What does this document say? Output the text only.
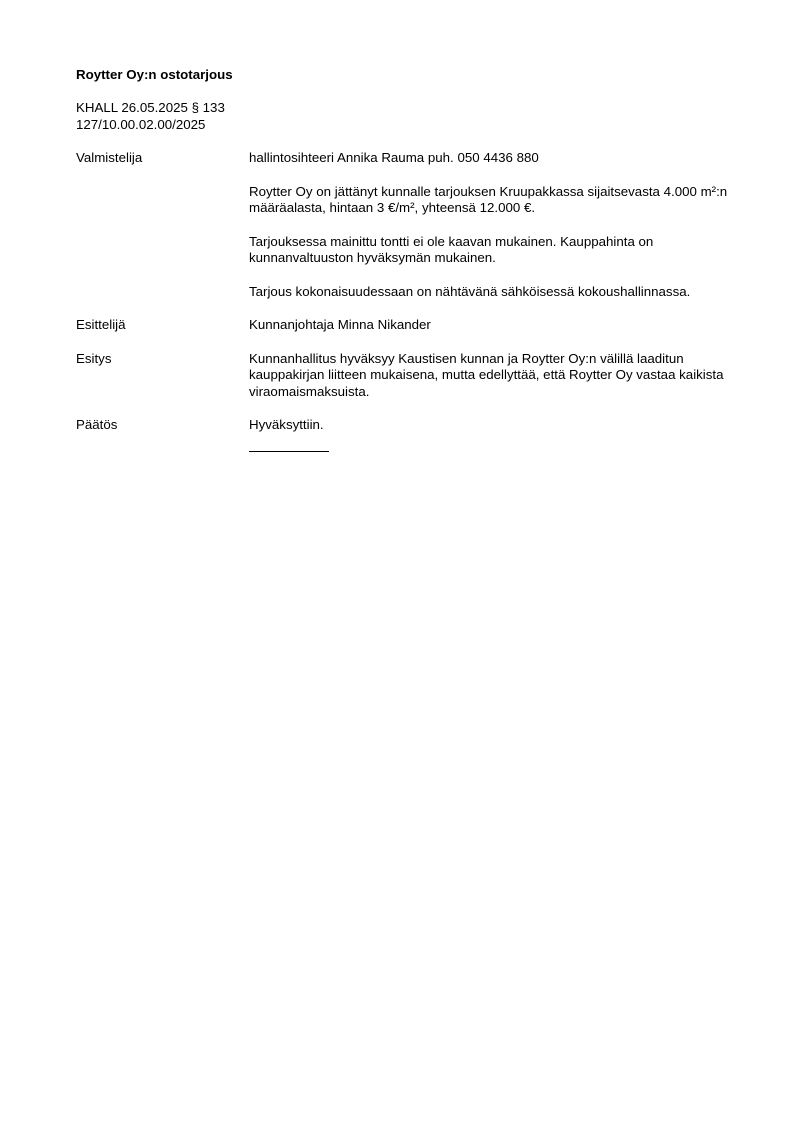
Roytter Oy:n ostotarjous
KHALL 26.05.2025 § 133
127/10.00.02.00/2025
Valmistelija	hallintosihteeri Annika Rauma puh. 050 4436 880

Roytter Oy on jättänyt kunnalle tarjouksen Kruupakkassa sijaitsevasta 4.000 m²:n määräalasta, hintaan 3 €/m², yhteensä 12.000 €.

Tarjouksessa mainittu tontti ei ole kaavan mukainen. Kauppahinta on kunnanvaltuuston hyväksymän mukainen.

Tarjous kokonaisuudessaan on nähtävänä sähköisessä kokoushallinnassa.

Esittelijä	Kunnanjohtaja Minna Nikander

Esitys	Kunnanhallitus hyväksyy Kaustisen kunnan ja Roytter Oy:n välillä laaditun kauppakirjan liitteen mukaisena, mutta edellyttää, että Roytter Oy vastaa kaikista viraomaismaksuista.

Päätös	Hyväksyttiin.
